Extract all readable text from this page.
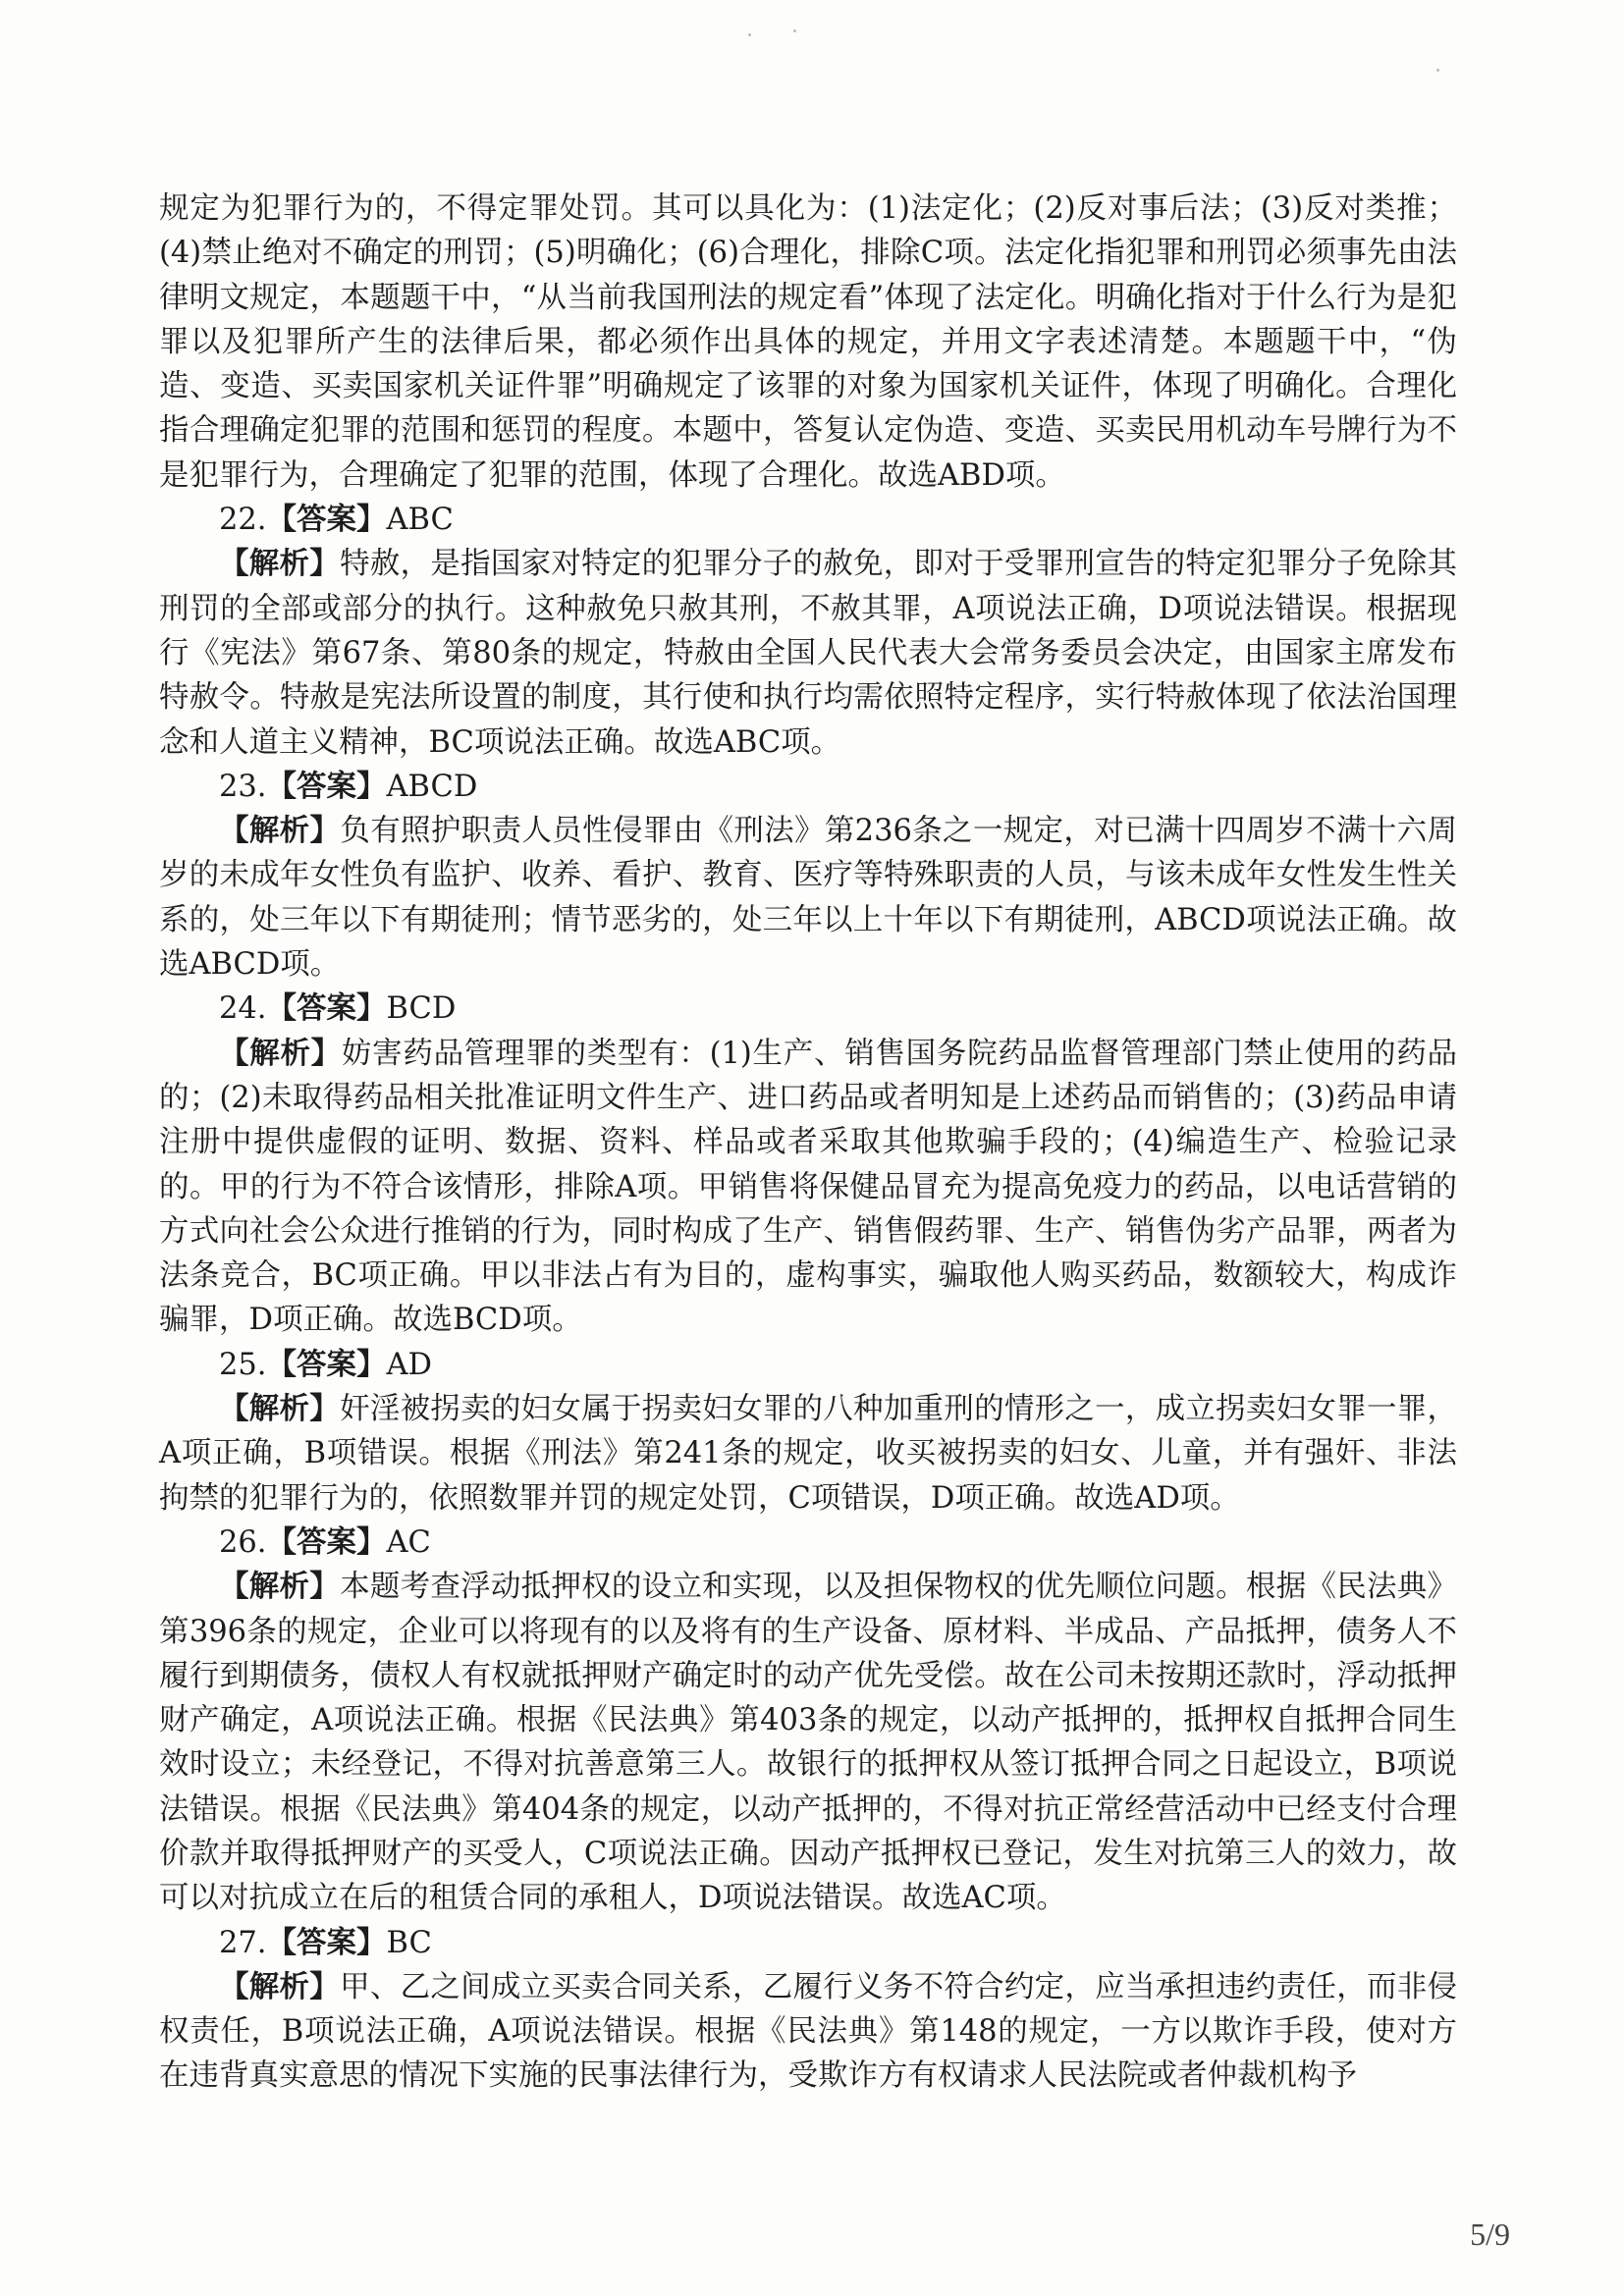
规定为犯罪行为的，不得定罪处罚。其可以具化为：(1)法定化；(2)反对事后法；(3)反对类推；(4)禁止绝对不确定的刑罚；(5)明确化；(6)合理化，排除C项。法定化指犯罪和刑罚必须事先由法律明文规定，本题题干中，“从当前我国刑法的规定看”体现了法定化。明确化指对于什么行为是犯罪以及犯罪所产生的法律后果，都必须作出具体的规定，并用文字表述清楚。本题题干中，“伪造、变造、买卖国家机关证件罪”明确规定了该罪的对象为国家机关证件，体现了明确化。合理化指合理确定犯罪的范围和惩罚的程度。本题中，答复认定伪造、变造、买卖民用机动车号牌行为不是犯罪行为，合理确定了犯罪的范围，体现了合理化。故选ABD项。

22.【答案】ABC

【解析】特赦，是指国家对特定的犯罪分子的赦免，即对于受罪刑宣告的特定犯罪分子免除其刑罚的全部或部分的执行。这种赦免只赦其刑，不赦其罪，A项说法正确，D项说法错误。根据现行《宪法》第67条、第80条的规定，特赦由全国人民代表大会常务委员会决定，由国家主席发布特赦令。特赦是宪法所设置的制度，其行使和执行均需依照特定程序，实行特赦体现了依法治国理念和人道主义精神，BC项说法正确。故选ABC项。

23.【答案】ABCD

【解析】负有照护职责人员性侵罪由《刑法》第236条之一规定，对已满十四周岁不满十六周岁的未成年女性负有监护、收养、看护、教育、医疗等特殊职责的人员，与该未成年女性发生性关系的，处三年以下有期徒刑；情节恶劣的，处三年以上十年以下有期徒刑，ABCD项说法正确。故选ABCD项。

24.【答案】BCD

【解析】妨害药品管理罪的类型有：(1)生产、销售国务院药品监督管理部门禁止使用的药品的；(2)未取得药品相关批准证明文件生产、进口药品或者明知是上述药品而销售的；(3)药品申请注册中提供虚假的证明、数据、资料、样品或者采取其他欺骗手段的；(4)编造生产、检验记录的。甲的行为不符合该情形，排除A项。甲销售将保健品冒充为提高免疫力的药品，以电话营销的方式向社会公众进行推销的行为，同时构成了生产、销售假药罪、生产、销售伪劣产品罪，两者为法条竞合，BC项正确。甲以非法占有为目的，虚构事实，骗取他人购买药品，数额较大，构成诈骗罪，D项正确。故选BCD项。

25.【答案】AD

【解析】奸淫被拐卖的妇女属于拐卖妇女罪的八种加重刑的情形之一，成立拐卖妇女罪一罪，A项正确，B项错误。根据《刑法》第241条的规定，收买被拐卖的妇女、儿童，并有强奸、非法拘禁的犯罪行为的，依照数罪并罚的规定处罚，C项错误，D项正确。故选AD项。

26.【答案】AC

【解析】本题考查浮动抵押权的设立和实现，以及担保物权的优先顺位问题。根据《民法典》第396条的规定，企业可以将现有的以及将有的生产设备、原材料、半成品、产品抵押，债务人不履行到期债务，债权人有权就抵押财产确定时的动产优先受偿。故在公司未按期还款时，浮动抵押财产确定，A项说法正确。根据《民法典》第403条的规定，以动产抵押的，抵押权自抵押合同生效时设立；未经登记，不得对抗善意第三人。故银行的抵押权从签订抵押合同之日起设立，B项说法错误。根据《民法典》第404条的规定，以动产抵押的，不得对抗正常经营活动中已经支付合理价款并取得抵押财产的买受人，C项说法正确。因动产抵押权已登记，发生对抗第三人的效力，故可以对抗成立在后的租赁合同的承租人，D项说法错误。故选AC项。

27.【答案】BC

【解析】甲、乙之间成立买卖合同关系，乙履行义务不符合约定，应当承担违约责任，而非侵权责任，B项说法正确，A项说法错误。根据《民法典》第148的规定，一方以欺诈手段，使对方在违背真实意思的情况下实施的民事法律行为，受欺诈方有权请求人民法院或者仲裁机构予

5/9
